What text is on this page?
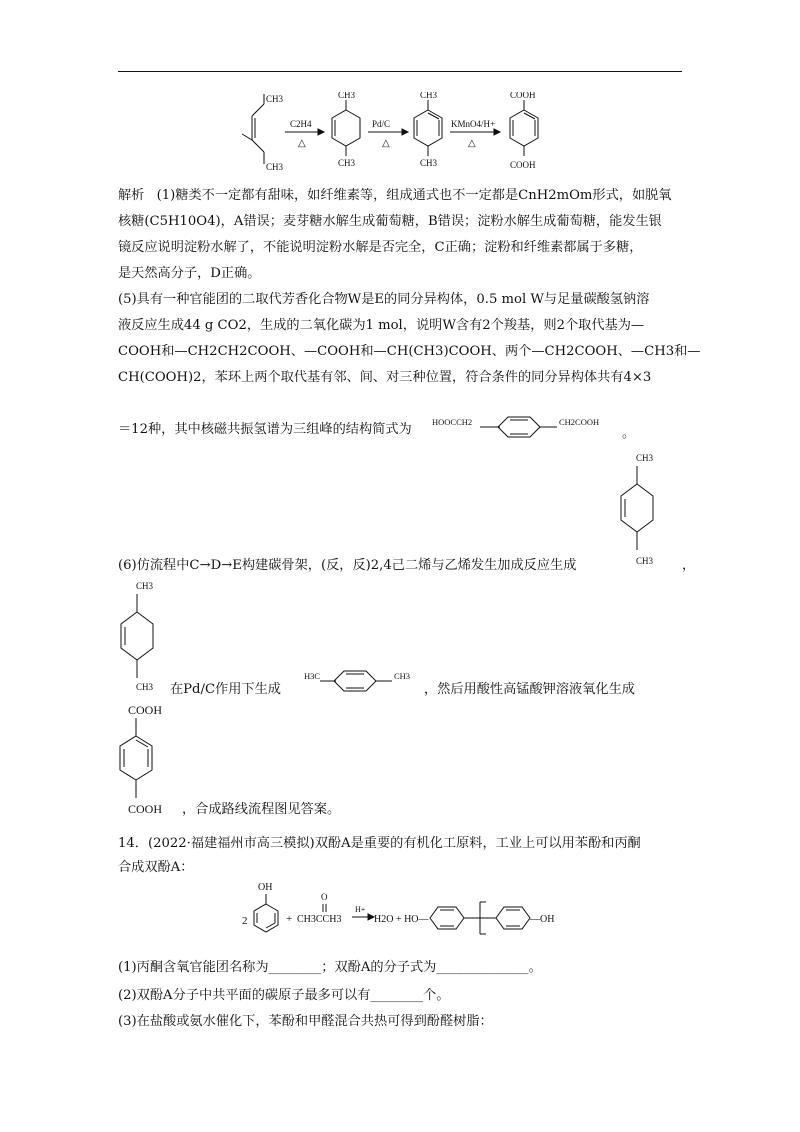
CH3
CH3
C2H4
△
CH3
CH3
Pd/C
△
CH3
CH3
KMnO4/H+
△
COOH
COOH
解析 (1)糖类不一定都有甜味，如纤维素等，组成通式也不一定都是CnH2mOm形式，如脱氧
核糖(C5H10O4)，A错误；麦芽糖水解生成葡萄糖，B错误；淀粉水解生成葡萄糖，能发生银
镜反应说明淀粉水解了，不能说明淀粉水解是否完全，C正确；淀粉和纤维素都属于多糖，
是天然高分子，D正确。
(5)具有一种官能团的二取代芳香化合物W是E的同分异构体，0.5 mol W与足量碳酸氢钠溶
液反应生成44 g CO2，生成的二氧化碳为1 mol，说明W含有2个羧基，则2个取代基为—
COOH和—CH2CH2COOH、—COOH和—CH(CH3)COOH、两个—CH2COOH、—CH3和—
CH(COOH)2，苯环上两个取代基有邻、间、对三种位置，符合条件的同分异构体共有4×3
＝12种，其中核磁共振氢谱为三组峰的结构简式为 HOOCCH2	CH2COOH
。
CH3
CH3
(6)仿流程中C→D→E构建碳骨架，(反，反)2,4己二烯与乙烯发生加成反应生成	，
CH3
CH3 在Pd/C作用下生成
H3C	CH3
，然后用酸性高锰酸钾溶液氧化生成
COOH
COOH ，合成路线流程图见答案。
14．(2022·福建福州市高三模拟)双酚A是重要的有机化工原料，工业上可以用苯酚和丙酮
合成双酚A：
2
OH
+
O
CH3CCH3
H+
H2O + HO—	—OH
(1)丙酮含氧官能团名称为________；双酚A的分子式为______________。
(2)双酚A分子中共平面的碳原子最多可以有________个。
(3)在盐酸或氨水催化下，苯酚和甲醛混合共热可得到酚醛树脂：
